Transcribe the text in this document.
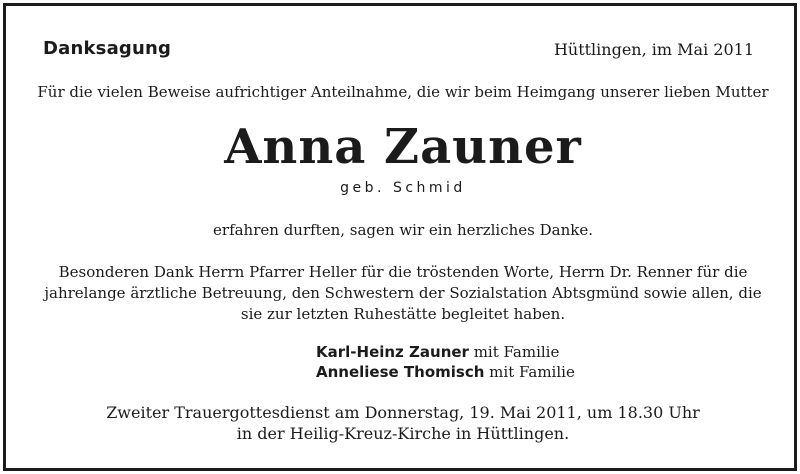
Danksagung	Hüttlingen, im Mai 2011
Für die vielen Beweise aufrichtiger Anteilnahme, die wir beim Heimgang unserer lieben Mutter
Anna Zauner
geb. Schmid
erfahren durften, sagen wir ein herzliches Danke.
Besonderen Dank Herrn Pfarrer Heller für die tröstenden Worte, Herrn Dr. Renner für die
jahrelange ärztliche Betreuung, den Schwestern der Sozialstation Abtsgmünd sowie allen, die
sie zur letzten Ruhestätte begleitet haben.
Karl-Heinz Zauner mit Familie
Anneliese Thomisch mit Familie
Zweiter Trauergottesdienst am Donnerstag, 19. Mai 2011, um 18.30 Uhr
in der Heilig-Kreuz-Kirche in Hüttlingen.
